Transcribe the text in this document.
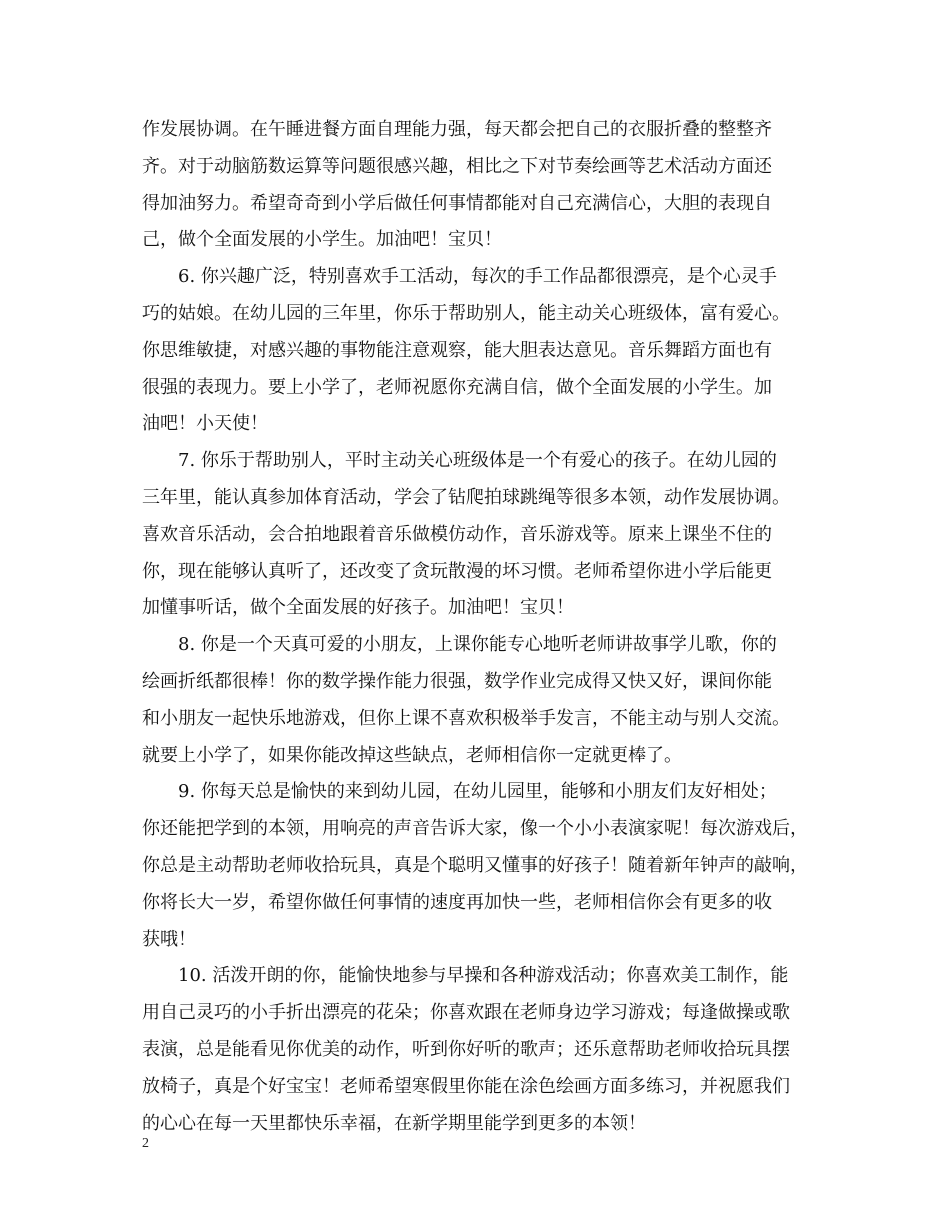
作发展协调。在午睡进餐方面自理能力强，每天都会把自己的衣服折叠的整整齐
齐。对于动脑筋数运算等问题很感兴趣，相比之下对节奏绘画等艺术活动方面还
得加油努力。希望奇奇到小学后做任何事情都能对自己充满信心，大胆的表现自
己，做个全面发展的小学生。加油吧！宝贝！
6. 你兴趣广泛，特别喜欢手工活动，每次的手工作品都很漂亮，是个心灵手
巧的姑娘。在幼儿园的三年里，你乐于帮助别人，能主动关心班级体，富有爱心。
你思维敏捷，对感兴趣的事物能注意观察，能大胆表达意见。音乐舞蹈方面也有
很强的表现力。要上小学了，老师祝愿你充满自信，做个全面发展的小学生。加
油吧！小天使！
7. 你乐于帮助别人，平时主动关心班级体是一个有爱心的孩子。在幼儿园的
三年里，能认真参加体育活动，学会了钻爬拍球跳绳等很多本领，动作发展协调。
喜欢音乐活动，会合拍地跟着音乐做模仿动作，音乐游戏等。原来上课坐不住的
你，现在能够认真听了，还改变了贪玩散漫的坏习惯。老师希望你进小学后能更
加懂事听话，做个全面发展的好孩子。加油吧！宝贝！
8. 你是一个天真可爱的小朋友，上课你能专心地听老师讲故事学儿歌，你的
绘画折纸都很棒！你的数学操作能力很强，数学作业完成得又快又好，课间你能
和小朋友一起快乐地游戏，但你上课不喜欢积极举手发言，不能主动与别人交流。
就要上小学了，如果你能改掉这些缺点，老师相信你一定就更棒了。
9. 你每天总是愉快的来到幼儿园，在幼儿园里，能够和小朋友们友好相处；
你还能把学到的本领，用响亮的声音告诉大家，像一个小小表演家呢！每次游戏后，
你总是主动帮助老师收拾玩具，真是个聪明又懂事的好孩子！随着新年钟声的敲响，
你将长大一岁，希望你做任何事情的速度再加快一些，老师相信你会有更多的收
获哦！
10. 活泼开朗的你，能愉快地参与早操和各种游戏活动；你喜欢美工制作，能
用自己灵巧的小手折出漂亮的花朵；你喜欢跟在老师身边学习游戏；每逢做操或歌
表演，总是能看见你优美的动作，听到你好听的歌声；还乐意帮助老师收拾玩具摆
放椅子，真是个好宝宝！老师希望寒假里你能在涂色绘画方面多练习，并祝愿我们
的心心在每一天里都快乐幸福，在新学期里能学到更多的本领！
2
